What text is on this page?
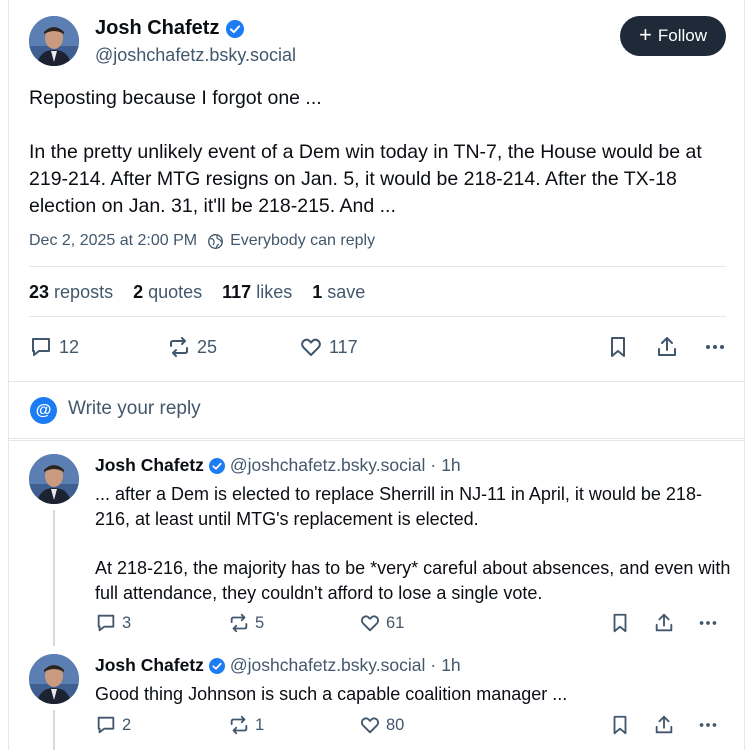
Josh Chafetz
@joshchafetz.bsky.social
+ Follow

Reposting because I forgot one ...

In the pretty unlikely event of a Dem win today in TN-7, the House would be at 219-214. After MTG resigns on Jan. 5, it would be 218-214. After the TX-18 election on Jan. 31, it'll be 218-215. And ...

Dec 2, 2025 at 2:00 PM Everybody can reply
23 reposts 2 quotes 117 likes 1 save
12	25	117
@ Write your reply
Josh Chafetz @joshchafetz.bsky.social · 1h

... after a Dem is elected to replace Sherrill in NJ-11 in April, it would be 218-216, at least until MTG's replacement is elected.

At 218-216, the majority has to be *very* careful about absences, and even with full attendance, they couldn't afford to lose a single vote.

3	5	61
Josh Chafetz @joshchafetz.bsky.social · 1h

Good thing Johnson is such a capable coalition manager ...

2	1	80
